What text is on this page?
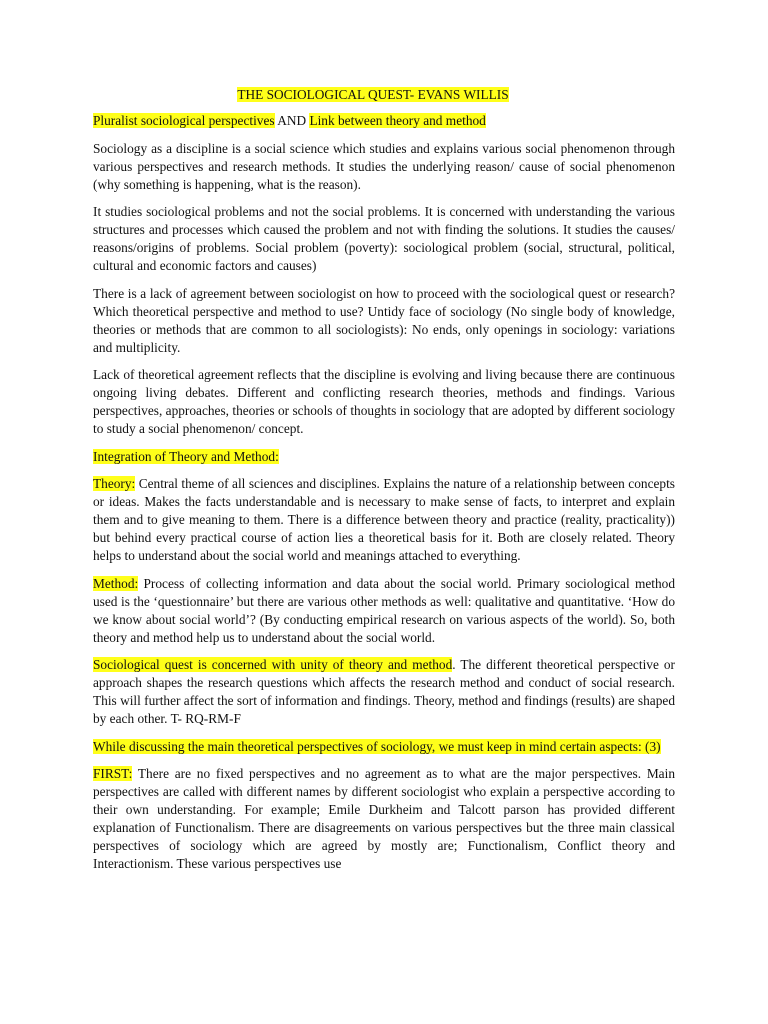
THE SOCIOLOGICAL QUEST- EVANS WILLIS

Pluralist sociological perspectives AND Link between theory and method

Sociology as a discipline is a social science which studies and explains various social phenomenon through various perspectives and research methods. It studies the underlying reason/ cause of social phenomenon (why something is happening, what is the reason).

It studies sociological problems and not the social problems. It is concerned with understanding the various structures and processes which caused the problem and not with finding the solutions. It studies the causes/ reasons/origins of problems. Social problem (poverty): sociological problem (social, structural, political, cultural and economic factors and causes)

There is a lack of agreement between sociologist on how to proceed with the sociological quest or research? Which theoretical perspective and method to use? Untidy face of sociology (No single body of knowledge, theories or methods that are common to all sociologists): No ends, only openings in sociology: variations and multiplicity.

Lack of theoretical agreement reflects that the discipline is evolving and living because there are continuous ongoing living debates. Different and conflicting research theories, methods and findings. Various perspectives, approaches, theories or schools of thoughts in sociology that are adopted by different sociology to study a social phenomenon/ concept.

Integration of Theory and Method:

Theory: Central theme of all sciences and disciplines. Explains the nature of a relationship between concepts or ideas. Makes the facts understandable and is necessary to make sense of facts, to interpret and explain them and to give meaning to them. There is a difference between theory and practice (reality, practicality)) but behind every practical course of action lies a theoretical basis for it. Both are closely related. Theory helps to understand about the social world and meanings attached to everything.

Method: Process of collecting information and data about the social world. Primary sociological method used is the ‘questionnaire’ but there are various other methods as well: qualitative and quantitative. ‘How do we know about social world’? (By conducting empirical research on various aspects of the world). So, both theory and method help us to understand about the social world.

Sociological quest is concerned with unity of theory and method. The different theoretical perspective or approach shapes the research questions which affects the research method and conduct of social research. This will further affect the sort of information and findings. Theory, method and findings (results) are shaped by each other. T- RQ-RM-F

While discussing the main theoretical perspectives of sociology, we must keep in mind certain aspects: (3)

FIRST: There are no fixed perspectives and no agreement as to what are the major perspectives. Main perspectives are called with different names by different sociologist who explain a perspective according to their own understanding. For example; Emile Durkheim and Talcott parson has provided different explanation of Functionalism. There are disagreements on various perspectives but the three main classical perspectives of sociology which are agreed by mostly are; Functionalism, Conflict theory and Interactionism. These various perspectives use
